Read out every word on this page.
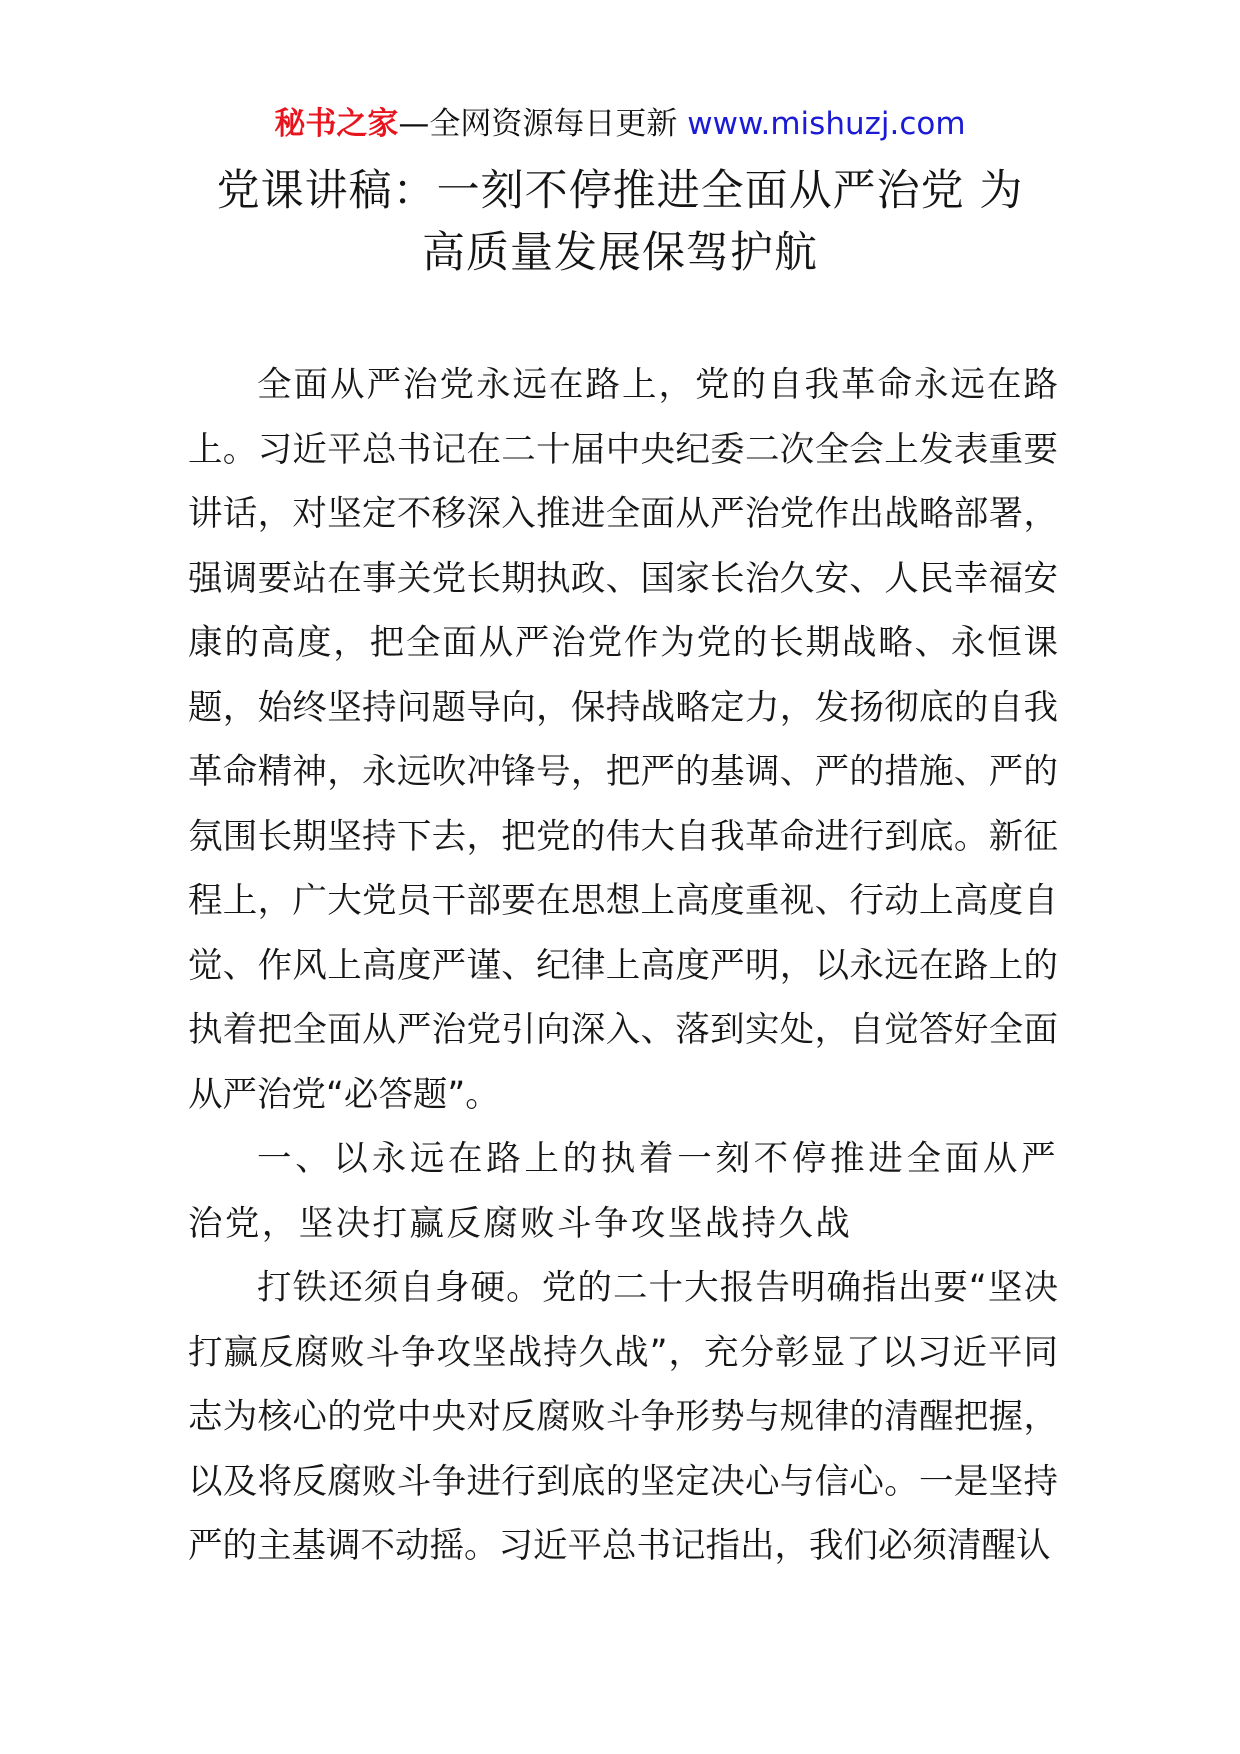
秘书之家—全网资源每日更新 www.mishuzj.com
党课讲稿：一刻不停推进全面从严治党 为
高质量发展保驾护航

全面从严治党永远在路上，党的自我革命永远在路上。习近平总书记在二十届中央纪委二次全会上发表重要讲话，对坚定不移深入推进全面从严治党作出战略部署，强调要站在事关党长期执政、国家长治久安、人民幸福安康的高度，把全面从严治党作为党的长期战略、永恒课题，始终坚持问题导向，保持战略定力，发扬彻底的自我革命精神，永远吹冲锋号，把严的基调、严的措施、严的氛围长期坚持下去，把党的伟大自我革命进行到底。新征程上，广大党员干部要在思想上高度重视、行动上高度自觉、作风上高度严谨、纪律上高度严明，以永远在路上的执着把全面从严治党引向深入、落到实处，自觉答好全面从严治党“必答题”。

一、以永远在路上的执着一刻不停推进全面从严治党，坚决打赢反腐败斗争攻坚战持久战

打铁还须自身硬。党的二十大报告明确指出要“坚决打赢反腐败斗争攻坚战持久战”，充分彰显了以习近平同志为核心的党中央对反腐败斗争形势与规律的清醒把握，以及将反腐败斗争进行到底的坚定决心与信心。一是坚持严的主基调不动摇。习近平总书记指出，我们必须清醒认
